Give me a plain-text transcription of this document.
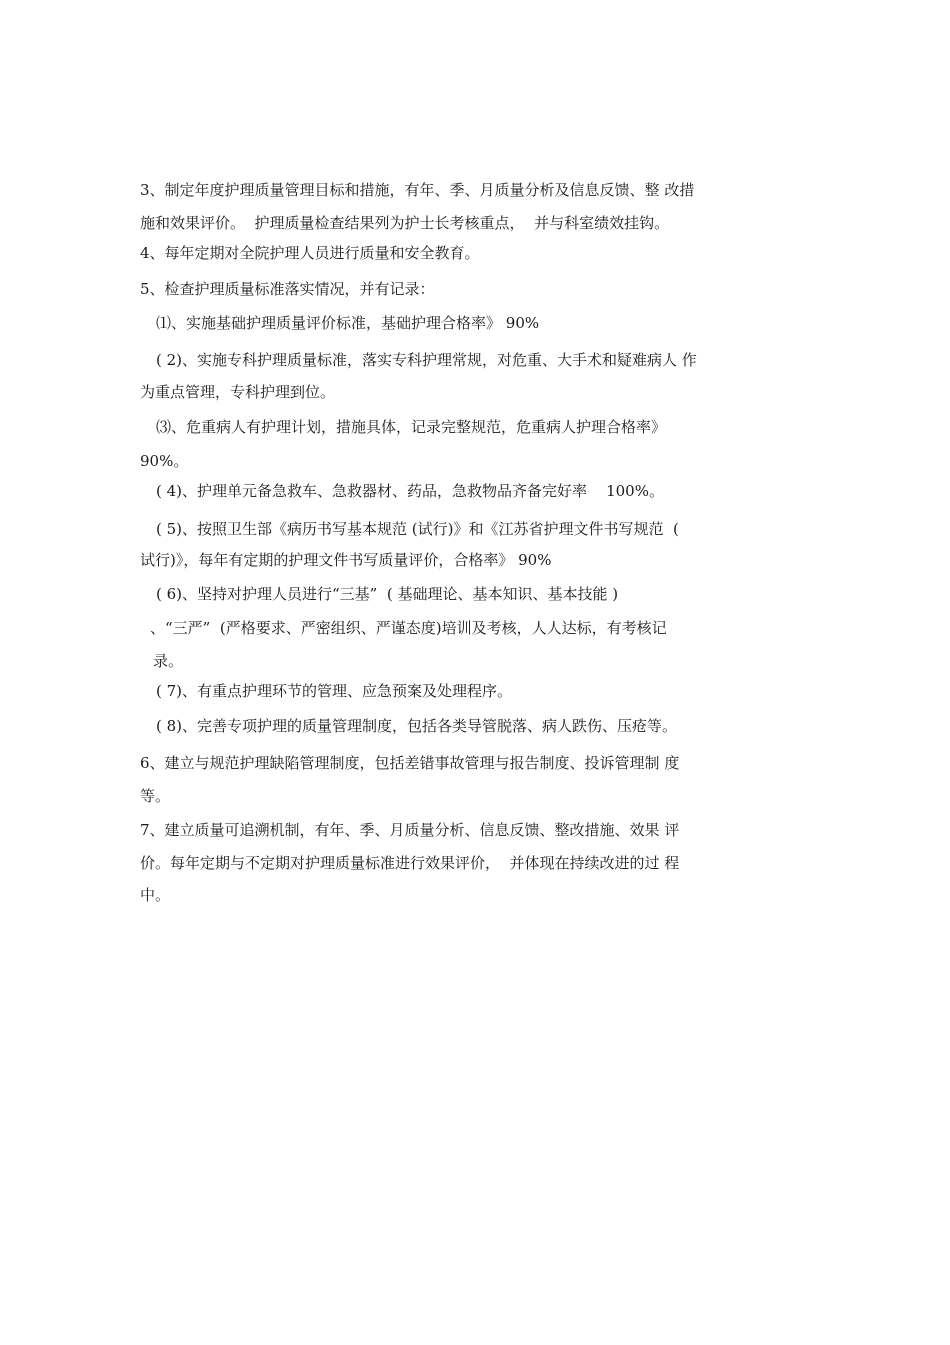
3、制定年度护理质量管理目标和措施，有年、季、月质量分析及信息反馈、整 改措

施和效果评价。  护理质量检查结果列为护士长考核重点，  并与科室绩效挂钩。

4、每年定期对全院护理人员进行质量和安全教育。

5、检查护理质量标准落实情况，并有记录：

⑴、实施基础护理质量评价标准，基础护理合格率》 90%

( 2)、实施专科护理质量标准，落实专科护理常规，对危重、大手术和疑难病人 作

为重点管理，专科护理到位。

⑶、危重病人有护理计划，措施具体，记录完整规范，危重病人护理合格率》

90%。

( 4)、护理单元备急救车、急救器材、药品，急救物品齐备完好率    100%。

( 5)、按照卫生部《病历书写基本规范 (试行)》和《江苏省护理文件书写规范  (

试行)》，每年有定期的护理文件书写质量评价，合格率》 90%

( 6)、坚持对护理人员进行“三基”  ( 基础理论、基本知识、基本技能 )

、“三严”  (严格要求、严密组织、严谨态度)培训及考核，人人达标，有考核记

录。

( 7)、有重点护理环节的管理、应急预案及处理程序。

( 8)、完善专项护理的质量管理制度，包括各类导管脱落、病人跌伤、压疮等。

6、建立与规范护理缺陷管理制度，包括差错事故管理与报告制度、投诉管理制 度

等。

7、建立质量可追溯机制，有年、季、月质量分析、信息反馈、整改措施、效果 评

价。每年定期与不定期对护理质量标准进行效果评价，  并体现在持续改进的过 程

中。
